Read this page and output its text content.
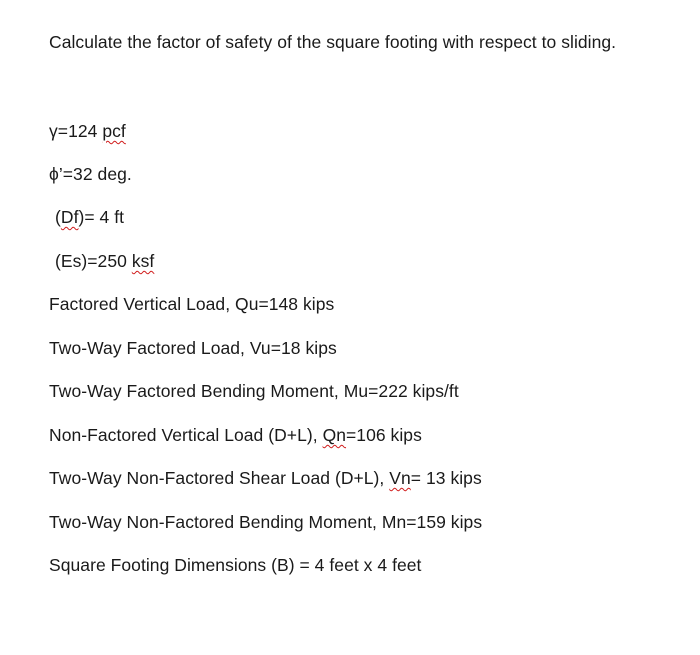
Calculate the factor of safety of the square footing with respect to sliding.
γ=124 pcf
ϕ’=32 deg.
(Df)= 4 ft
(Es)=250 ksf
Factored Vertical Load, Qu=148 kips
Two-Way Factored Load, Vu=18 kips
Two-Way Factored Bending Moment, Mu=222 kips/ft
Non-Factored Vertical Load (D+L), Qn=106 kips
Two-Way Non-Factored Shear Load (D+L), Vn= 13 kips
Two-Way Non-Factored Bending Moment, Mn=159 kips
Square Footing Dimensions (B) = 4 feet x 4 feet
